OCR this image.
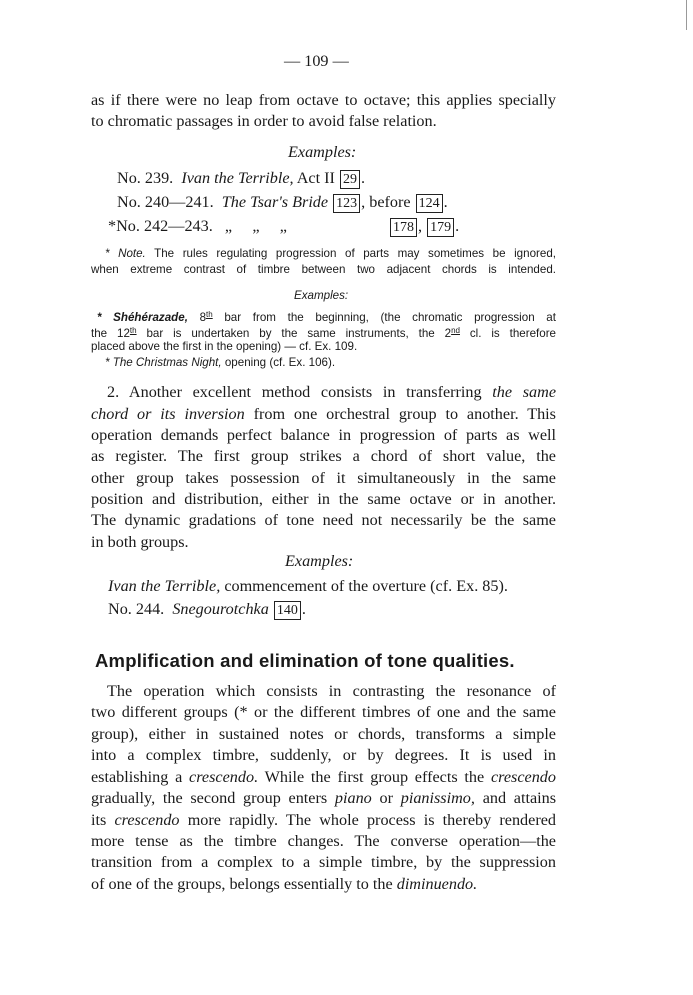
— 109 —
as if there were no leap from octave to octave; this applies specially
to chromatic passages in order to avoid false relation.
Examples:
No. 239. Ivan the Terrible, Act II 29 .
No. 240—241. The Tsar's Bride 123 , before 124 .
*No. 242—243. „     „     „	178 , 179 .
* Note. The rules regulating progression of parts may sometimes be ignored,
when extreme contrast of timbre between two adjacent chords is intended.
Examples:
* Shéhérazade, 8th bar from the beginning, (the chromatic progression at
the 12th bar is undertaken by the same instruments, the 2nd cl. is therefore
placed above the first in the opening) — cf. Ex. 109.
* The Christmas Night, opening (cf. Ex. 106).
2. Another excellent method consists in transferring the same
chord or its inversion from one orchestral group to another. This
operation demands perfect balance in progression of parts as well
as register. The first group strikes a chord of short value, the
other group takes possession of it simultaneously in the same
position and distribution, either in the same octave or in another.
The dynamic gradations of tone need not necessarily be the same
in both groups.
Examples:
Ivan the Terrible, commencement of the overture (cf. Ex. 85).
No. 244. Snegourotchka 140 .
Amplification and elimination of tone qualities.
The operation which consists in contrasting the resonance of
two different groups (* or the different timbres of one and the same
group), either in sustained notes or chords, transforms a simple
into a complex timbre, suddenly, or by degrees. It is used in
establishing a crescendo. While the first group effects the crescendo
gradually, the second group enters piano or pianissimo, and attains
its crescendo more rapidly. The whole process is thereby rendered
more tense as the timbre changes. The converse operation—the
transition from a complex to a simple timbre, by the suppression
of one of the groups, belongs essentially to the diminuendo.
